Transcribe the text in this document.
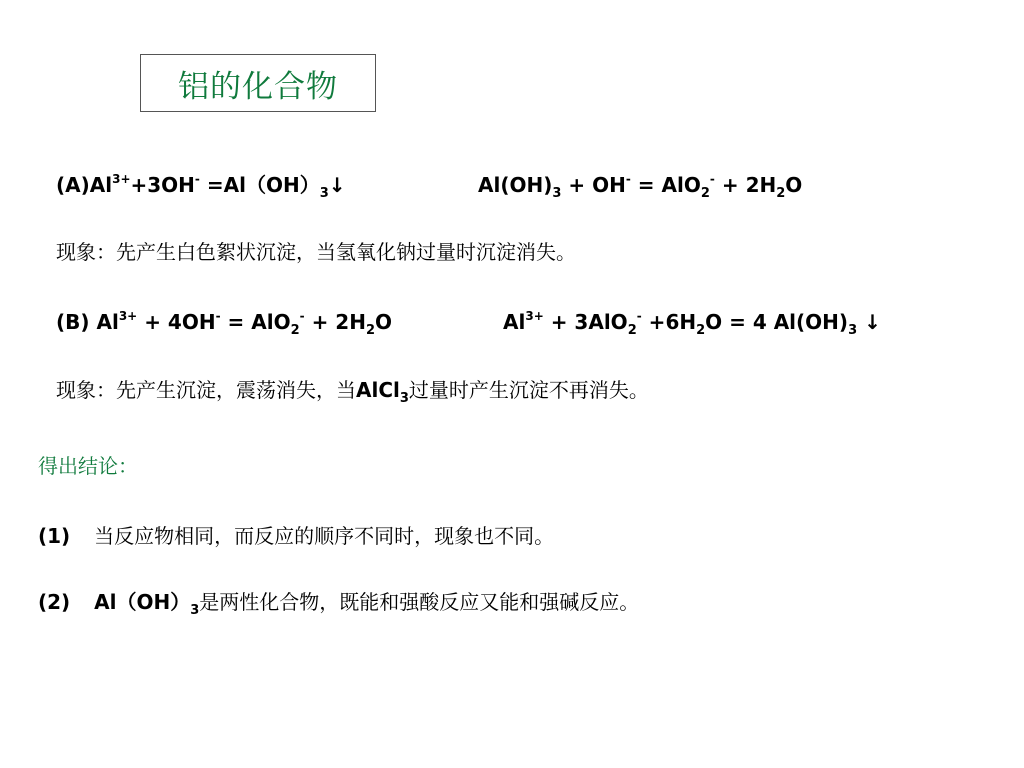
铝的化合物
$(A)Al^{3+}+3OH^-$ $=Al(OH)_3↓$	$Al(OH)_3 + OH^- = AlO_2^- + 2H_2O$
现象：先产生白色絮状沉淀，当氢氧化钠过量时沉淀消失。
(B) $Al^{3+} + 4OH^- = AlO_2^- + 2H_2O$	$Al^{3+} + 3AlO_2^- +6H_2O = 4$ $Al(OH)_3$ ↓
现象：先产生沉淀，震荡消失，当AlCl$_3$过量时产生沉淀不再消失。
得出结论：
(1) 当反应物相同，而反应的顺序不同时，现象也不同。
(2) $Al(OH)_3$是两性化合物，既能和强酸反应又能和强碱反应。
